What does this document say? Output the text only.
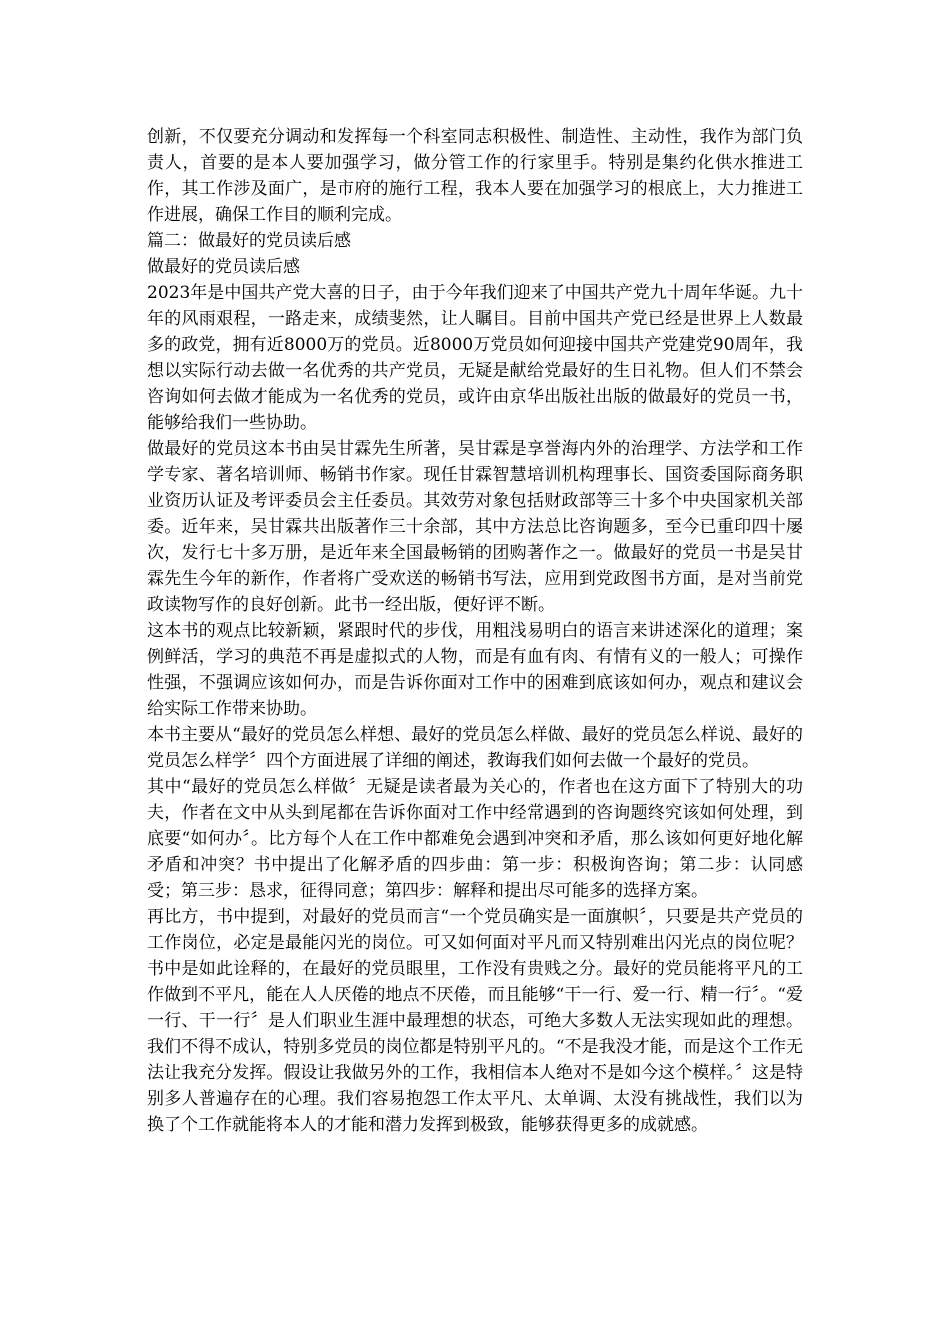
创新，不仅要充分调动和发挥每一个科室同志积极性、制造性、主动性，我作为部门负责人，首要的是本人要加强学习，做分管工作的行家里手。特别是集约化供水推进工作，其工作涉及面广，是市府的施行工程，我本人要在加强学习的根底上，大力推进工作进展，确保工作目的顺利完成。

篇二：做最好的党员读后感

做最好的党员读后感

2023年是中国共产党大喜的日子，由于今年我们迎来了中国共产党九十周年华诞。九十年的风雨艰程，一路走来，成绩斐然，让人瞩目。目前中国共产党已经是世界上人数最多的政党，拥有近8000万的党员。近8000万党员如何迎接中国共产党建党90周年，我想以实际行动去做一名优秀的共产党员，无疑是献给党最好的生日礼物。但人们不禁会咨询如何去做才能成为一名优秀的党员，或许由京华出版社出版的做最好的党员一书，能够给我们一些协助。

做最好的党员这本书由吴甘霖先生所著，吴甘霖是享誉海内外的治理学、方法学和工作学专家、著名培训师、畅销书作家。现任甘霖智慧培训机构理事长、国资委国际商务职业资历认证及考评委员会主任委员。其效劳对象包括财政部等三十多个中央国家机关部委。近年来，吴甘霖共出版著作三十余部，其中方法总比咨询题多，至今已重印四十屡次，发行七十多万册，是近年来全国最畅销的团购著作之一。做最好的党员一书是吴甘霖先生今年的新作，作者将广受欢送的畅销书写法，应用到党政图书方面，是对当前党政读物写作的良好创新。此书一经出版，便好评不断。

这本书的观点比较新颖，紧跟时代的步伐，用粗浅易明白的语言来讲述深化的道理；案例鲜活，学习的典范不再是虚拟式的人物，而是有血有肉、有情有义的一般人；可操作性强，不强调应该如何办，而是告诉你面对工作中的困难到底该如何办，观点和建议会给实际工作带来协助。

本书主要从“最好的党员怎么样想、最好的党员怎么样做、最好的党员怎么样说、最好的党员怎么样学〞四个方面进展了详细的阐述，教诲我们如何去做一个最好的党员。

其中“最好的党员怎么样做〞无疑是读者最为关心的，作者也在这方面下了特别大的功夫，作者在文中从头到尾都在告诉你面对工作中经常遇到的咨询题终究该如何处理，到底要“如何办〞。比方每个人在工作中都难免会遇到冲突和矛盾，那么该如何更好地化解矛盾和冲突？书中提出了化解矛盾的四步曲：第一步：积极询咨询；第二步：认同感受；第三步：恳求，征得同意；第四步：解释和提出尽可能多的选择方案。

再比方，书中提到，对最好的党员而言“一个党员确实是一面旗帜〞，只要是共产党员的工作岗位，必定是最能闪光的岗位。可又如何面对平凡而又特别难出闪光点的岗位呢？书中是如此诠释的，在最好的党员眼里，工作没有贵贱之分。最好的党员能将平凡的工作做到不平凡，能在人人厌倦的地点不厌倦，而且能够“干一行、爱一行、精一行〞。“爱一行、干一行〞是人们职业生涯中最理想的状态，可绝大多数人无法实现如此的理想。我们不得不成认，特别多党员的岗位都是特别平凡的。“不是我没才能，而是这个工作无法让我充分发挥。假设让我做另外的工作，我相信本人绝对不是如今这个模样。〞这是特别多人普遍存在的心理。我们容易抱怨工作太平凡、太单调、太没有挑战性，我们以为换了个工作就能将本人的才能和潜力发挥到极致，能够获得更多的成就感。
